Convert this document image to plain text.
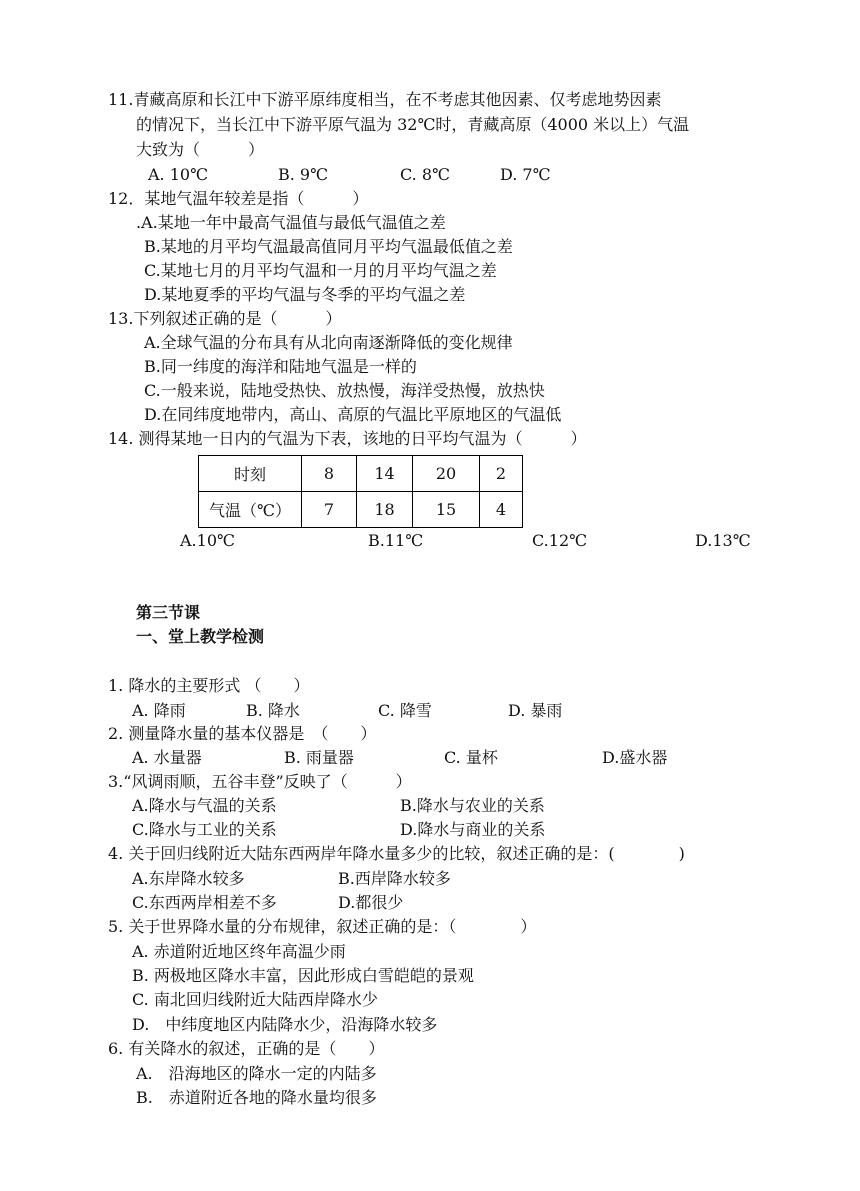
11.青藏高原和长江中下游平原纬度相当，在不考虑其他因素、仅考虑地势因素
的情况下，当长江中下游平原气温为 32℃时，青藏高原（4000 米以上）气温
大致为（　　　）
A. 10℃	B. 9℃	C. 8℃	D. 7℃
12．某地气温年较差是指（　　　）
.A.某地一年中最高气温值与最低气温值之差
B.某地的月平均气温最高值同月平均气温最低值之差
C.某地七月的月平均气温和一月的月平均气温之差
D.某地夏季的平均气温与冬季的平均气温之差
13.下列叙述正确的是（　　　）
A.全球气温的分布具有从北向南逐渐降低的变化规律
B.同一纬度的海洋和陆地气温是一样的
C.一般来说，陆地受热快、放热慢，海洋受热慢，放热快
D.在同纬度地带内，高山、高原的气温比平原地区的气温低
14. 测得某地一日内的气温为下表，该地的日平均气温为（　　　）
时刻	8	14	20	2
气温（℃）	7	18	15	4
A.10℃	B.11℃	C.12℃	D.13℃
第三节课
一、堂上教学检测
1. 降水的主要形式 （　　）
A. 降雨	B. 降水	C. 降雪	D. 暴雨
2. 测量降水量的基本仪器是　（　　）
A. 水量器	B. 雨量器	C. 量杯	D.盛水器
3.“风调雨顺，五谷丰登”反映了（　　　）
A.降水与气温的关系	B.降水与农业的关系
C.降水与工业的关系	D.降水与商业的关系
4. 关于回归线附近大陆东西两岸年降水量多少的比较，叙述正确的是：(　　　　)
A.东岸降水较多	B.西岸降水较多
C.东西两岸相差不多	D.都很少
5. 关于世界降水量的分布规律，叙述正确的是：（　　　　）
A. 赤道附近地区终年高温少雨
B. 两极地区降水丰富，因此形成白雪皑皑的景观
C. 南北回归线附近大陆西岸降水少
D.　中纬度地区内陆降水少，沿海降水较多
6. 有关降水的叙述，正确的是（　　）
A.　沿海地区的降水一定的内陆多
B.　赤道附近各地的降水量均很多
